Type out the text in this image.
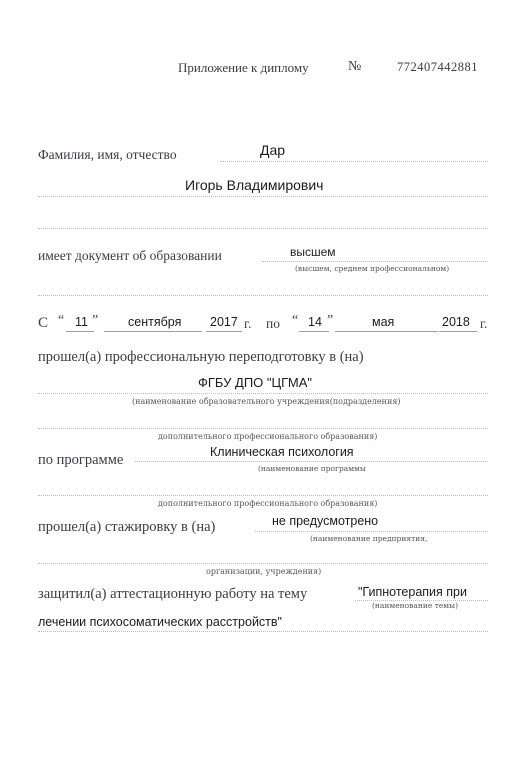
Приложение к диплому	№	772407442881
Фамилия, имя, отчество	Дар
Игорь Владимирович
имеет документ об образовании	высшем
(высшем, среднем профессиональном)
С “ 11 ” сентября 2017 г. по “ 14 ”	мая	2018 г.
прошел(а) профессиональную переподготовку в (на)
ФГБУ ДПО "ЦГМА"
(наименование образовательного учреждения(подразделения)
дополнительного профессионального образования)
по программе	Клиническая психология
(наименование программы
дополнительного профессионального образования)
прошел(а) стажировку в (на)	не предусмотрено
(наименование предприятия,
организации, учреждения)
защитил(а) аттестационную работу на тему	"Гипнотерапия при
(наименование темы)
лечении психосоматических расстройств"
